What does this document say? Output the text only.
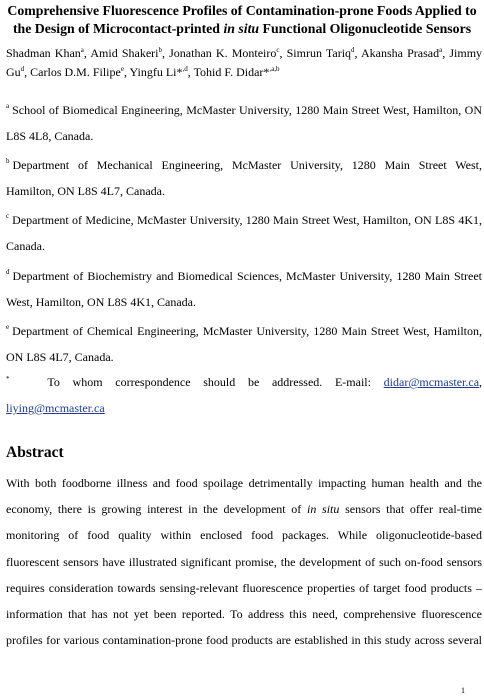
Comprehensive Fluorescence Profiles of Contamination-prone Foods Applied to
the Design of Microcontact-printed in situ Functional Oligonucleotide Sensors
Shadman Khan$^a$, Amid Shakeri$^b$, Jonathan K. Monteiro$^c$, Simrun Tariq$^d$, Akansha Prasad$^a$, Jimmy Gu$^d$, Carlos D.M. Filipe$^e$, Yingfu Li*$^{,d}$, Tohid F. Didar*$^{,a,b}$
$^a$ School of Biomedical Engineering, McMaster University, 1280 Main Street West, Hamilton, ON
L8S 4L8, Canada.
$^b$ Department of Mechanical Engineering, McMaster University, 1280 Main Street West,
Hamilton, ON L8S 4L7, Canada.
$^c$ Department of Medicine, McMaster University, 1280 Main Street West, Hamilton, ON L8S 4K1,
Canada.
$^d$ Department of Biochemistry and Biomedical Sciences, McMaster University, 1280 Main Street
West, Hamilton, ON L8S 4K1, Canada.
$^e$ Department of Chemical Engineering, McMaster University, 1280 Main Street West, Hamilton,
ON L8S 4L7, Canada.
*	To whom correspondence should be addressed. E-mail: didar@mcmaster.ca,
liying@mcmaster.ca
Abstract
With both foodborne illness and food spoilage detrimentally impacting human health and the
economy, there is growing interest in the development of in situ sensors that offer real-time
monitoring of food quality within enclosed food packages. While oligonucleotide-based
fluorescent sensors have illustrated significant promise, the development of such on-food sensors
requires consideration towards sensing-relevant fluorescence properties of target food products –
information that has not yet been reported. To address this need, comprehensive fluorescence
profiles for various contamination-prone food products are established in this study across several
1
